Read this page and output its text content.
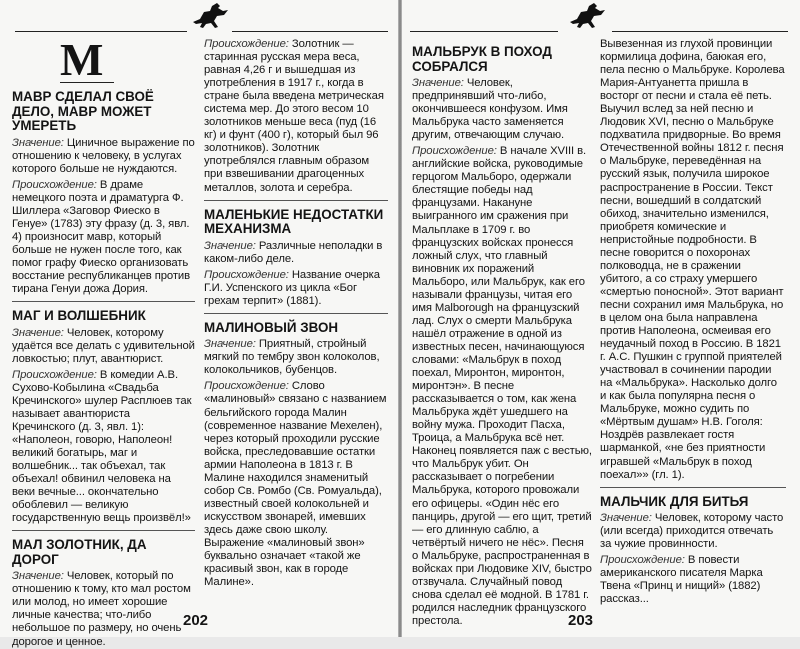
М
МАВР СДЕЛАЛ СВОЁ ДЕЛО, МАВР МОЖЕТ УМЕРЕТЬ

Значение: Циничное выражение по отношению к человеку, в услугах которого больше не нуждаются.

Происхождение: В драме немецкого поэта и драматурга Ф. Шиллера «Заговор Фиеско в Генуе» (1783) эту фразу (д. 3, явл. 4) произносит мавр, который больше не нужен после того, как помог графу Фиеско организовать восстание республиканцев против тирана Генуи дожа Дория.

МАГ И ВОЛШЕБНИК

Значение: Человек, которому удаётся все делать с удивительной ловкостью; плут, авантюрист.

Происхождение: В комедии А.В. Сухово-Кобылина «Свадьба Кречинского» шулер Расплюев так называет авантюриста Кречинского (д. 3, явл. 1): «Наполеон, говорю, Наполеон! великий богатырь, маг и волшебник... так объехал, так объехал! обвинил человека на веки вечные... окончательно обоблевил — великую государственную вещь произвёл!»

МАЛ ЗОЛОТНИК, ДА ДОРОГ

Значение: Человек, который по отношению к тому, кто мал ростом или молод, но имеет хорошие личные качества; что-либо небольшое по размеру, но очень дорогое и ценное.

Происхождение: Золотник — старинная русская мера веса, равная 4,26 г и вышедшая из употребления в 1917 г., когда в стране была введена метрическая система мер. До этого весом 10 золотников меньше веса (пуд (16 кг) и фунт (400 г), который был 96 золотников). Золотник употреблялся главным образом при взвешивании драгоценных металлов, золота и серебра.

МАЛЕНЬКИЕ НЕДОСТАТКИ МЕХАНИЗМА

Значение: Различные неполадки в каком-либо деле.

Происхождение: Название очерка Г.И. Успенского из цикла «Бог грехам терпит» (1881).

МАЛИНОВЫЙ ЗВОН

Значение: Приятный, стройный мягкий по тембру звон колоколов, колокольчиков, бубенцов.

Происхождение: Слово «малиновый» связано с названием бельгийского города Малин (современное название Мехелен), через который проходили русские войска, преследовавшие остатки армии Наполеона в 1813 г. В Малине находился знаменитый собор Св. Ромбо (Св. Ромуальда), известный своей колокольней и искусством звонарей, имевших здесь даже свою школу. Выражение «малиновый звон» буквально означает «такой же красивый звон, как в городе Малине».

202
МАЛЬБРУК В ПОХОД СОБРАЛСЯ

Значение: Человек, предпринявший что-либо, окончившееся конфузом. Имя Мальбрука часто заменяется другим, отвечающим случаю.

Происхождение: В начале XVIII в. английские войска, руководимые герцогом Мальборо, одержали блестящие победы над французами. Накануне выигранного им сражения при Мальплаке в 1709 г. во французских войсках пронесся ложный слух, что главный виновник их поражений Мальборо, или Мальбрук, как его называли французы, читая его имя Malborough на французский лад. Слух о смерти Мальбрука нашёл отражение в одной из известных песен, начинающуюся словами: «Мальбрук в поход поехал, Миронтон, миронтон, миронтэн». В песне рассказывается о том, как жена Мальбрука ждёт ушедшего на войну мужа. Проходит Пасха, Троица, а Мальбрука всё нет. Наконец появляется паж с вестью, что Мальбрук убит. Он рассказывает о погребении Мальбрука, которого провожали его офицеры. «Один нёс его панцирь, другой — его щит, третий — его длинную саблю, а четвёртый ничего не нёс». Песня о Мальбруке, распространенная в войсках при Людовике XIV, быстро отзвучала. Случайный повод снова сделал её модной. В 1781 г. родился наследник французского престола.

Вывезенная из глухой провинции кормилица дофина, баюкая его, пела песню о Мальбруке. Королева Мария-Антуанетта пришла в восторг от песни и стала её петь. Выучил вслед за ней песню и Людовик XVI, песню о Мальбруке подхватила придворные. Во время Отечественной войны 1812 г. песня о Мальбруке, переведённая на русский язык, получила широкое распространение в России. Текст песни, вошедший в солдатский обиход, значительно изменился, приобретя комические и непристойные подробности. В песне говорится о похоронах полководца, не в сражении убитого, а со страху умершего «смертью поносной». Этот вариант песни сохранил имя Мальбрука, но в целом она была направлена против Наполеона, осмеивая его неудачный поход в Россию. В 1821 г. А.С. Пушкин с группой приятелей участвовал в сочинении пародии на «Мальбрука». Насколько долго и как была популярна песня о Мальбруке, можно судить по «Мёртвым душам» Н.В. Гоголя: Ноздрёв развлекает гостя шарманкой, «не без приятности игравшей «Мальбрук в поход поехал»» (гл. 1).

МАЛЬЧИК ДЛЯ БИТЬЯ

Значение: Человек, которому часто (или всегда) приходится отвечать за чужие провинности.

Происхождение: В повести американского писателя Марка Твена «Принц и нищий» (1882) рассказ...

203
